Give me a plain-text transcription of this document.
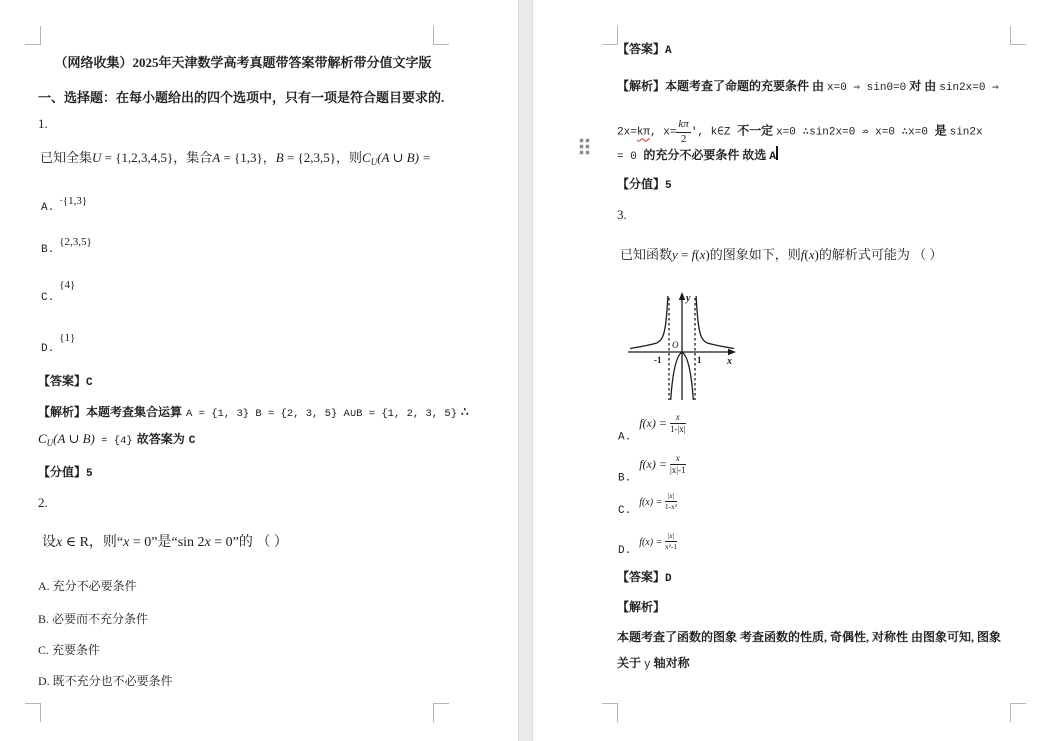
（网络收集）2025年天津数学高考真题带答案带解析带分值文字版
一、选择题：在每小题给出的四个选项中，只有一项是符合题目要求的.
1.
已知全集U = {1,2,3,4,5}，集合A = {1,3}，B = {2,3,5}，则$C_U(A$ ∪ B) =
A.$^{\cdot\{1,3\}}$
B.$^{\{2,3,5\}}$
C.$^{\{4\}}$
D.$^{\{1\}}$
【答案】C
【解析】本题考查集合运算 A = {1, 3} B = {2, 3, 5} A∪B = {1, 2, 3, 5} ∴
$C_U(A$ ∪ B) = {4} 故答案为 C
【分值】5
2.
设x ∈ R，则“x = 0”是“sin 2x = 0”的 （ ）
A. 充分不必要条件
B. 必要而不充分条件
C. 充要条件
D. 既不充分也不必要条件
【答案】A
【解析】本题考查了命题的充要条件 由 x=0 ⇒ sin0=0 对 由 sin2x=0 ⇒
2x=kπ, $x= \frac{k\pi}{2}$ ′, k∈Z 不一定 x=0 ∴sin2x=0 ⇏ x=0 ∴x=0 是 sin2x
= 0 的充分不必要条件 故选 A
【分值】5
3.
已知函数y = f(x)的图象如下，则f(x)的解析式可能为 （ ）
y
x
O
-1	1
A.$^{f(x) = \frac{x}{1-|x|}}$
B.$^{f(x) = \frac{x}{|x|-1}}$
C.$^{f(x) = \frac{|x|}{\text{1-x²}}}$
D.$^{f(x) = \frac{|x|}{\text{x²-1}}}$
【答案】D
【解析】
本题考查了函数的图象 考查函数的性质, 奇偶性, 对称性 由图象可知, 图象
关于 y 轴对称
